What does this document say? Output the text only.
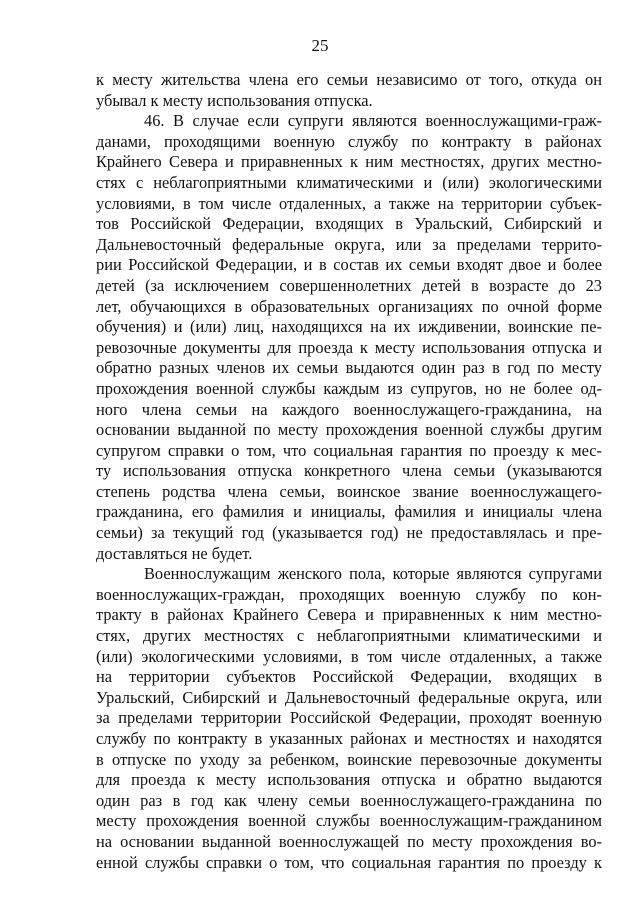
25
к месту жительства члена его семьи независимо от того, откуда он
убывал к месту использования отпуска.
46. В случае если супруги являются военнослужащими-граж-
данами, проходящими военную службу по контракту в районах
Крайнего Севера и приравненных к ним местностях, других местно-
стях с неблагоприятными климатическими и (или) экологическими
условиями, в том числе отдаленных, а также на территории субъек-
тов Российской Федерации, входящих в Уральский, Сибирский и
Дальневосточный федеральные округа, или за пределами террито-
рии Российской Федерации, и в состав их семьи входят двое и более
детей (за исключением совершеннолетних детей в возрасте до 23
лет, обучающихся в образовательных организациях по очной форме
обучения) и (или) лиц, находящихся на их иждивении, воинские пе-
ревозочные документы для проезда к месту использования отпуска и
обратно разных членов их семьи выдаются один раз в год по месту
прохождения военной службы каждым из супругов, но не более од-
ного члена семьи на каждого военнослужащего-гражданина, на
основании выданной по месту прохождения военной службы другим
супругом справки о том, что социальная гарантия по проезду к мес-
ту использования отпуска конкретного члена семьи (указываются
степень родства члена семьи, воинское звание военнослужащего-
гражданина, его фамилия и инициалы, фамилия и инициалы члена
семьи) за текущий год (указывается год) не предоставлялась и пре-
доставляться не будет.
Военнослужащим женского пола, которые являются супругами
военнослужащих-граждан, проходящих военную службу по кон-
тракту в районах Крайнего Севера и приравненных к ним местно-
стях, других местностях с неблагоприятными климатическими и
(или) экологическими условиями, в том числе отдаленных, а также
на территории субъектов Российской Федерации, входящих в
Уральский, Сибирский и Дальневосточный федеральные округа, или
за пределами территории Российской Федерации, проходят военную
службу по контракту в указанных районах и местностях и находятся
в отпуске по уходу за ребенком, воинские перевозочные документы
для проезда к месту использования отпуска и обратно выдаются
один раз в год как члену семьи военнослужащего-гражданина по
месту прохождения военной службы военнослужащим-гражданином
на основании выданной военнослужащей по месту прохождения во-
енной службы справки о том, что социальная гарантия по проезду к
